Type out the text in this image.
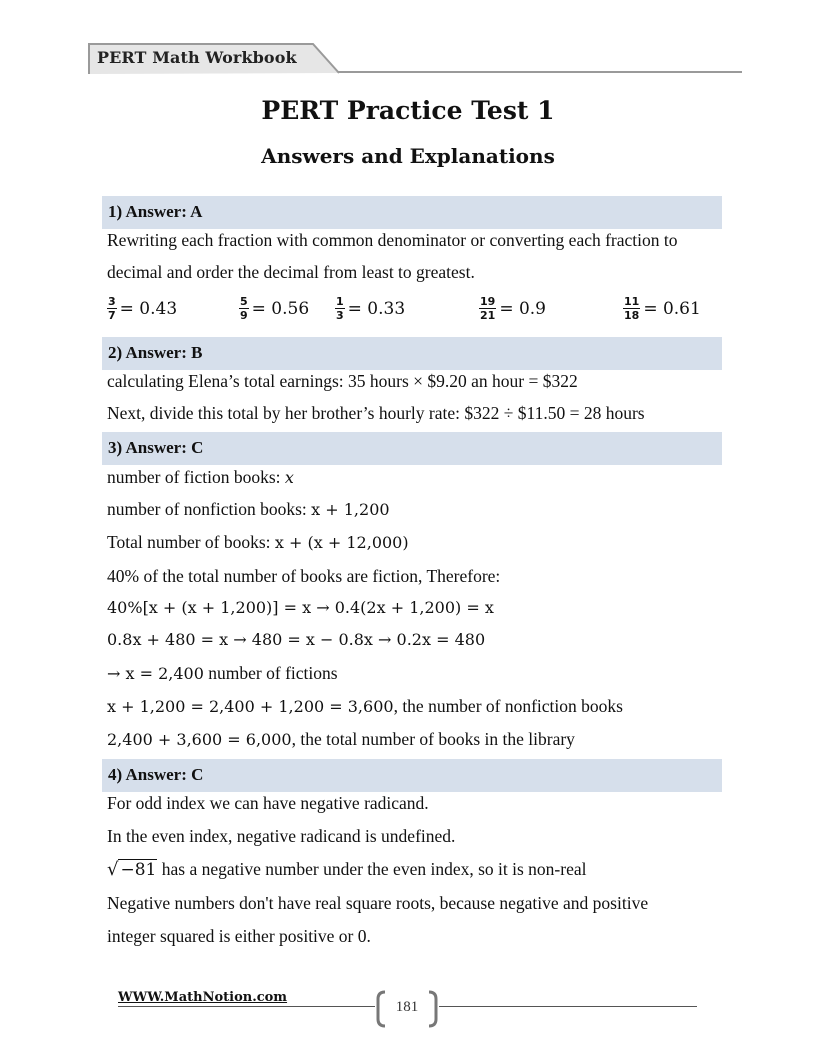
PERT Math Workbook
PERT Practice Test 1
Answers and Explanations
1) Answer: A
Rewriting each fraction with common denominator or converting each fraction to
decimal and order the decimal from least to greatest.
$\frac{3}{7} = 0.43$	$\frac{5}{9} = 0.56 \frac{1}{3} = 0.33$	$\frac{19}{21} = 0.9$	$\frac{11}{18} = 0.61$
2) Answer: B
calculating Elena’s total earnings: 35 hours × $9.20 an hour = $322
Next, divide this total by her brother’s hourly rate: $322 ÷ $11.50 = 28 hours
3) Answer: C
number of fiction books: x
number of nonfiction books: x + 1,200
Total number of books: x + (x + 12,000)
40% of the total number of books are fiction, Therefore:
40%[x + (x + 1,200)] = x → 0.4(2x + 1,200) = x
0.8x + 480 = x → 480 = x − 0.8x → 0.2x = 480
→ x = 2,400 number of fictions
x + 1,200 = 2,400 + 1,200 = 3,600, the number of nonfiction books
2,400 + 3,600 = 6,000, the total number of books in the library
4) Answer: C
For odd index we can have negative radicand.
In the even index, negative radicand is undefined.
√ −81 has a negative number under the even index, so it is non-real
Negative numbers don't have real square roots, because negative and positive
integer squared is either positive or 0.
WWW.MathNotion.com
181
